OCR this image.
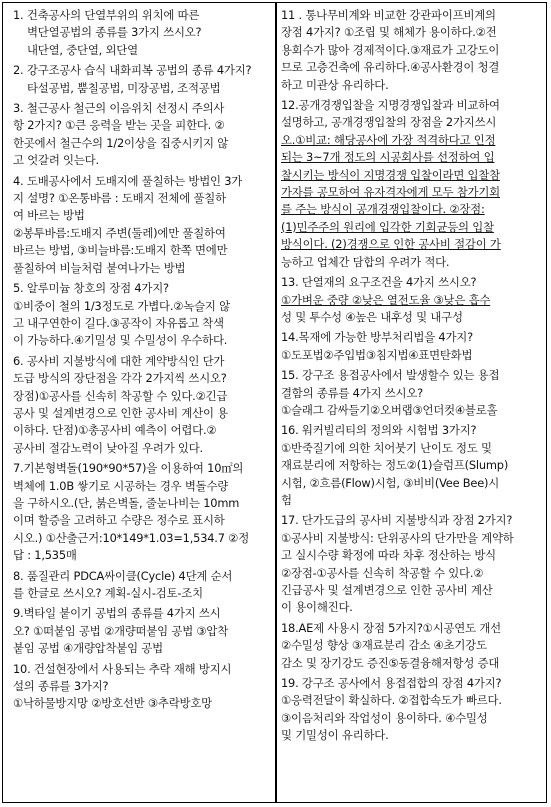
1. 건축공사의 단열부위의 위치에 따른
벽단열공법의 종류를 3가지 쓰시오?
내단열, 중단열, 외단열
2. 강구조공사 습식 내화피복 공법의 종류 4가지?
타설공법, 뿜칠공법, 미장공법, 조적공법
3. 철근공사 철근의 이음위치 선정시 주의사
항 2가지? ①큰 응력을 받는 곳을 피한다. ②
한곳에서 철근수의 1/2이상을 집중시키지 않
고 엇갈려 잇는다.
4. 도배공사에서 도배지에 풀칠하는 방법인 3가
지 설명? ①온통바름 : 도배지 전체에 풀칠하
여 바르는 방법
②봉투바름:도배지 주변(둘레)에만 풀칠하여
바르는 방법, ③비늘바름:도배지 한쪽 면에만
풀칠하여 비늘처럼 붙여나가는 방법
5. 알루미늄 창호의 장점 4가지?
①비중이 철의 1/3정도로 가볍다.②녹슬지 않
고 내구연한이 길다.③공작이 자유롭고 착색
이 가능하다.④기밀성 및 수밀성이 우수하다.
6. 공사비 지불방식에 대한 계약방식인 단가
도급 방식의 장단점을 각각 2가지씩 쓰시오?
장점)①공사를 신속히 착공할 수 있다.②긴급
공사 및 설계변경으로 인한 공사비 계산이 용
이하다. 단점)①총공사비 예측이 어렵다.②
공사비 절감노력이 낮아질 우려가 있다.
7.기본형벽돌(190*90*57)을 이용하여 10㎡의
벽체에 1.0B 쌓기로 시공하는 경우 벽돌수량
을 구하시오.(단, 붉은벽돌, 줄눈나비는 10mm
이며 할증을 고려하고 수량은 정수로 표시하
시오.) ①산출근거:10*149*1.03=1,534.7 ②정
답 : 1,535매
8. 품질관리 PDCA싸이클(Cycle) 4단계 순서
를 한글로 쓰시오? 계획-실시-검토-조치
9.벽타일 붙이기 공법의 종류를 4가지 쓰시
오? ①떠붙임 공법 ②개량떠붙임 공법 ③압착
붙임 공법 ④개량압착붙임 공법
10. 건설현장에서 사용되는 추락 재해 방지시
설의 종류를 3가지?
①낙하물방지망 ②방호선반 ③추락방호망
11 . 통나무비계와 비교한 강관파이프비계의
장점 4가지? ①조립 및 해체가 용이하다.②전
용회수가 많아 경제적이다.③재료가 고강도이
므로 고층건축에 유리하다.④공사환경이 청결
하고 미관상 유리하다.
12.공개경쟁입찰을 지명경쟁입찰과 비교하여
설명하고, 공개경쟁입찰의 장점을 2가지쓰시
오.①비교: 해당공사에 가장 적격하다고 인정
되는 3~7개 정도의 시공회사를 선정하여 입
찰시키는 방식이 지명경쟁 입찰이라면 입찰참
가자를 공모하여 유자격자에게 모두 참가기회
를 주는 방식이 공개경쟁입찰이다. ②장점:
(1)민주주의 원리에 입각한 기회균등의 입찰
방식이다. (2)경쟁으로 인한 공사비 절감이 가
능하고 업체간 담합의 우려가 적다.
13. 단열재의 요구조건을 4가지 쓰시오?
①가벼운 중량 ②낮은 열전도율 ③낮은 흡수
성 및 투수성 ④높은 내후성 및 내구성
14.목재에 가능한 방부처리법을 4가지?
①도포법②주입법③침지법④표면탄화법
15. 강구조 용접공사에서 발생할수 있는 용접
결함의 종류를 4가지 쓰시오?
①슬래그 감싸들기②오버랩③언더컷④블로홀
16. 워커빌리티의 정의와 시험법 3가지?
①반죽질기에 의한 치어붓기 난이도 정도 및
재료분리에 저항하는 정도②(1)슬럼프(Slump)
시험, ②흐름(Flow)시험, ③비비(Vee Bee)시
험
17. 단가도급의 공사비 지불방식과 장점 2가지?
①공사비 지불방식: 단위공사의 단가만을 계약하
고 실시수량 확정에 따라 차후 정산하는 방식
②장점-①공사를 신속히 착공할 수 있다.②
긴급공사 및 설계변경으로 인한 공사비 계산
이 용이해진다.
18.AE제 사용시 장점 5가지?①시공연도 개선
②수밀성 향상 ③재료분리 감소 ④초기강도
감소 및 장기강도 증진⑤동결융해저항성 증대
19. 강구조 공사에서 용접접합의 장점 4가지?
①응력전달이 확실하다. ②접합속도가 빠르다.
③이음처리와 작업성이 용이하다. ④수밀성
및 기밀성이 유리하다.
